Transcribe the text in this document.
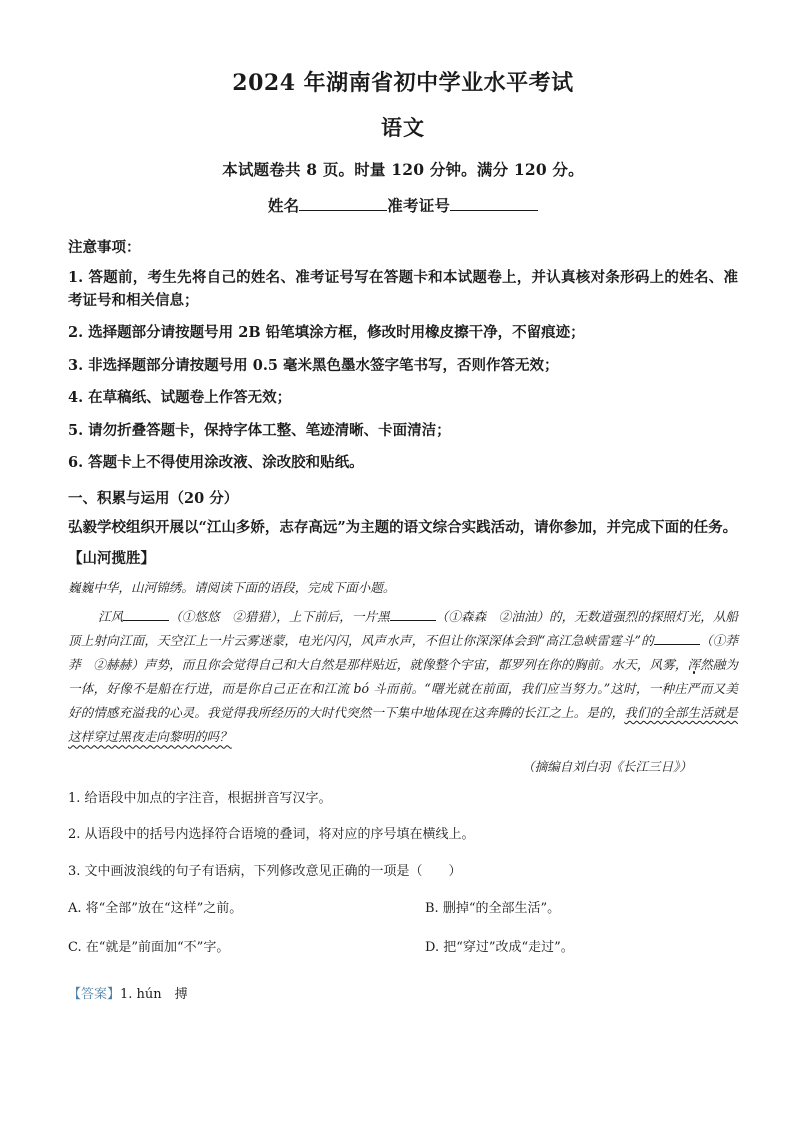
2024 年湖南省初中学业水平考试
语文
本试题卷共 8 页。时量 120 分钟。满分 120 分。
姓名	准考证号
注意事项：
1. 答题前，考生先将自己的姓名、准考证号写在答题卡和本试题卷上，并认真核对条形码上的姓名、准考证号和相关信息；
2. 选择题部分请按题号用 2B 铅笔填涂方框，修改时用橡皮擦干净，不留痕迹；
3. 非选择题部分请按题号用 0.5 毫米黑色墨水签字笔书写，否则作答无效；
4. 在草稿纸、试题卷上作答无效；
5. 请勿折叠答题卡，保持字体工整、笔迹清晰、卡面清洁；
6. 答题卡上不得使用涂改液、涂改胶和贴纸。
一、积累与运用（20 分）
弘毅学校组织开展以“江山多娇，志存高远”为主题的语文综合实践活动，请你参加，并完成下面的任务。
【山河揽胜】
巍巍中华，山河锦绣。请阅读下面的语段，完成下面小题。
江风	（①悠悠　②猎猎），上下前后，一片黑	（①森森　②油油）的，无数道强烈的探照灯光，从船顶上射向江面，天空江上一片云雾迷蒙，电光闪闪，风声水声，不但让你深深体会到“高江急峡雷霆斗”的	（①莽莽　②赫赫）声势，而且你会觉得自己和大自然是那样贴近，就像整个宇宙，都罗列在你的胸前。水天，风雾，浑然融为一体，好像不是船在行进，而是你自己正在和江流 bó 斗而前。“曙光就在前面，我们应当努力。”这时，一种庄严而又美好的情感充溢我的心灵。我觉得我所经历的大时代突然一下集中地体现在这奔腾的长江之上。是的，我们的全部生活就是这样穿过黑夜走向黎明的吗？
（摘编自刘白羽《长江三日》）
1. 给语段中加点的字注音，根据拼音写汉字。
2. 从语段中的括号内选择符合语境的叠词，将对应的序号填在横线上。
3. 文中画波浪线的句子有语病，下列修改意见正确的一项是（　　）
A. 将“全部”放在“这样”之前。	B. 删掉“的全部生活”。
C. 在“就是”前面加“不”字。	D. 把“穿过”改成“走过”。
【答案】1. hún　搏
